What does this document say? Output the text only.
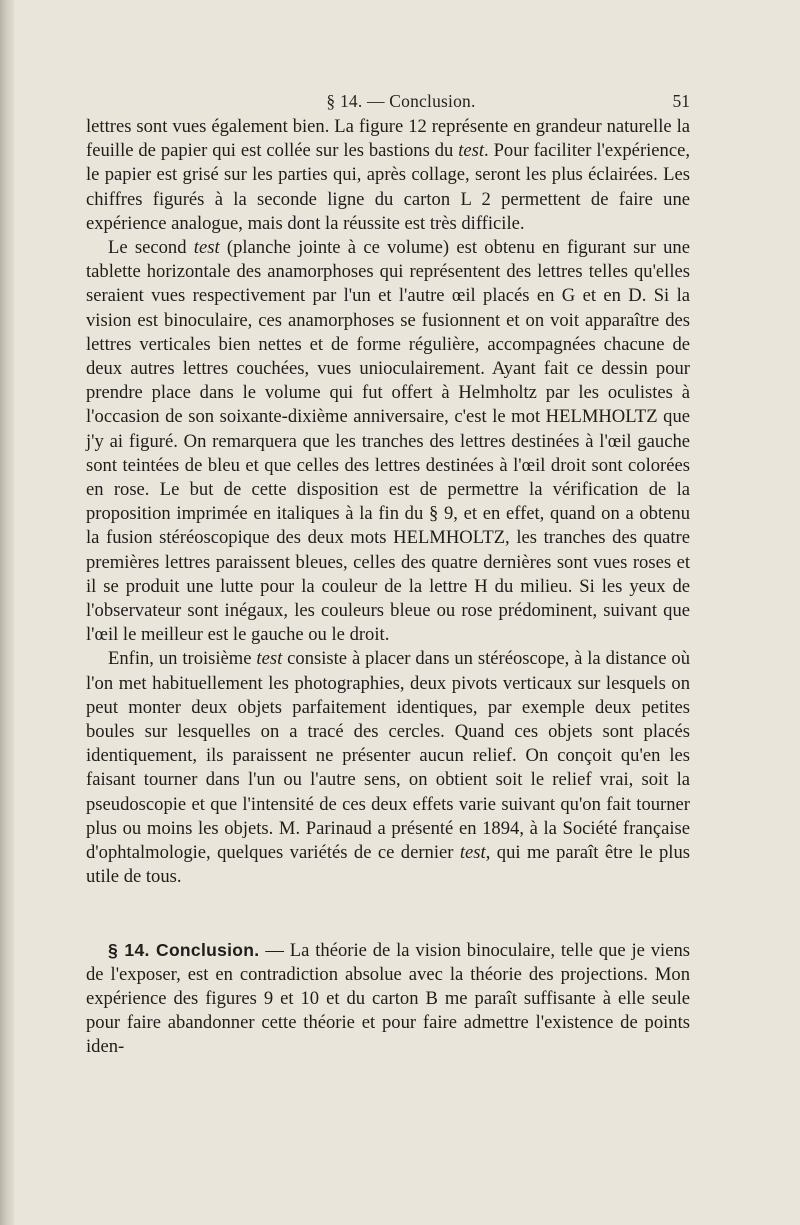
§ 14. — Conclusion.	51

lettres sont vues également bien. La figure 12 représente en grandeur naturelle la feuille de papier qui est collée sur les bastions du test. Pour faciliter l'expérience, le papier est grisé sur les parties qui, après collage, seront les plus éclairées. Les chiffres figurés à la seconde ligne du carton L 2 permettent de faire une expérience analogue, mais dont la réussite est très difficile.

Le second test (planche jointe à ce volume) est obtenu en figurant sur une tablette horizontale des anamorphoses qui représentent des lettres telles qu'elles seraient vues respectivement par l'un et l'autre œil placés en G et en D. Si la vision est binoculaire, ces anamorphoses se fusionnent et on voit apparaître des lettres verticales bien nettes et de forme régulière, accompagnées chacune de deux autres lettres couchées, vues unioculairement. Ayant fait ce dessin pour prendre place dans le volume qui fut offert à Helmholtz par les oculistes à l'occasion de son soixante-dixième anniversaire, c'est le mot HELMHOLTZ que j'y ai figuré. On remarquera que les tranches des lettres destinées à l'œil gauche sont teintées de bleu et que celles des lettres destinées à l'œil droit sont colorées en rose. Le but de cette disposition est de permettre la vérification de la proposition imprimée en italiques à la fin du § 9, et en effet, quand on a obtenu la fusion stéréoscopique des deux mots HELMHOLTZ, les tranches des quatre premières lettres paraissent bleues, celles des quatre dernières sont vues roses et il se produit une lutte pour la couleur de la lettre H du milieu. Si les yeux de l'observateur sont inégaux, les couleurs bleue ou rose prédominent, suivant que l'œil le meilleur est le gauche ou le droit.

Enfin, un troisième test consiste à placer dans un stéréoscope, à la distance où l'on met habituellement les photographies, deux pivots verticaux sur lesquels on peut monter deux objets parfaitement identiques, par exemple deux petites boules sur lesquelles on a tracé des cercles. Quand ces objets sont placés identiquement, ils paraissent ne présenter aucun relief. On conçoit qu'en les faisant tourner dans l'un ou l'autre sens, on obtient soit le relief vrai, soit la pseudoscopie et que l'intensité de ces deux effets varie suivant qu'on fait tourner plus ou moins les objets. M. Parinaud a présenté en 1894, à la Société française d'ophtalmologie, quelques variétés de ce dernier test, qui me paraît être le plus utile de tous.

§ 14. Conclusion. — La théorie de la vision binoculaire, telle que je viens de l'exposer, est en contradiction absolue avec la théorie des projections. Mon expérience des figures 9 et 10 et du carton B me paraît suffisante à elle seule pour faire abandonner cette théorie et pour faire admettre l'existence de points iden-
